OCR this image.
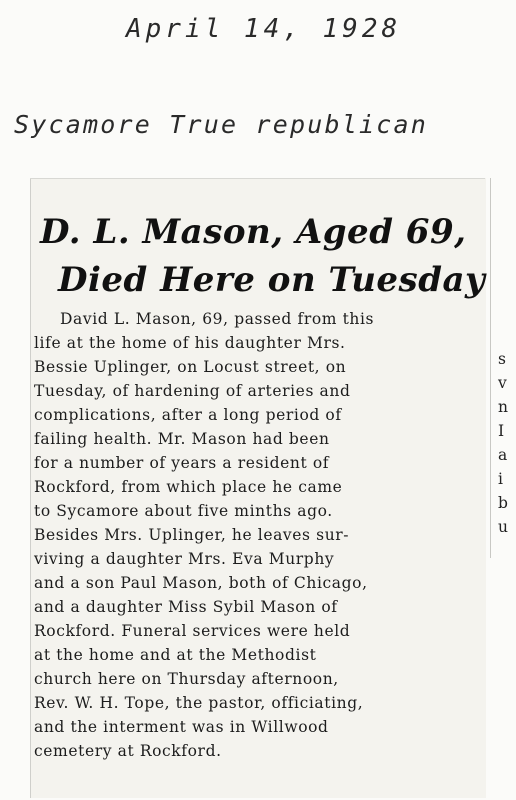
April 14, 1928
Sycamore True republican
D. L. Mason, Aged 69,
Died Here on Tuesday
David L. Mason, 69, passed from this
life at the home of his daughter Mrs.
Bessie Uplinger, on Locust street, on
Tuesday, of hardening of arteries and
complications, after a long period of
failing health. Mr. Mason had been
for a number of years a resident of
Rockford, from which place he came
to Sycamore about five minths ago.
Besides Mrs. Uplinger, he leaves sur-
viving a daughter Mrs. Eva Murphy
and a son Paul Mason, both of Chicago,
and a daughter Miss Sybil Mason of
Rockford. Funeral services were held
at the home and at the Methodist
church here on Thursday afternoon,
Rev. W. H. Tope, the pastor, officiating,
and the interment was in Willwood
cemetery at Rockford.
s
v
n
I
a
i
b
u
